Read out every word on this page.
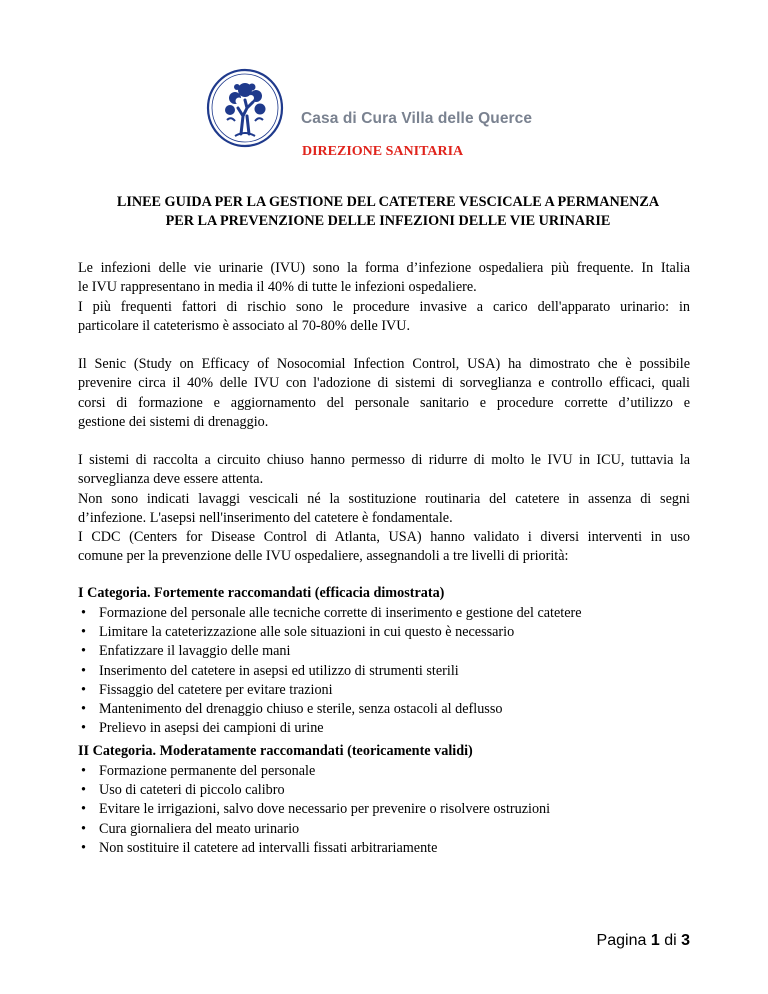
Casa di Cura Villa delle Querce
DIREZIONE SANITARIA
LINEE GUIDA PER LA GESTIONE DEL CATETERE VESCICALE A PERMANENZA
PER LA PREVENZIONE DELLE INFEZIONI DELLE VIE URINARIE
Le infezioni delle vie urinarie (IVU) sono la forma d’infezione ospedaliera più frequente. In Italia
le IVU rappresentano in media il 40% di tutte le infezioni ospedaliere.
I più frequenti fattori di rischio sono le procedure invasive a carico dell'apparato urinario: in
particolare il cateterismo è associato al 70-80% delle IVU.
Il Senic (Study on Efficacy of Nosocomial Infection Control, USA) ha dimostrato che è possibile
prevenire circa il 40% delle IVU con l'adozione di sistemi di sorveglianza e controllo efficaci, quali
corsi di formazione e aggiornamento del personale sanitario e procedure corrette d’utilizzo e
gestione dei sistemi di drenaggio.
I sistemi di raccolta a circuito chiuso hanno permesso di ridurre di molto le IVU in ICU, tuttavia la
sorveglianza deve essere attenta.
Non sono indicati lavaggi vescicali né la sostituzione routinaria del catetere in assenza di segni
d’infezione. L'asepsi nell'inserimento del catetere è fondamentale.
I CDC (Centers for Disease Control di Atlanta, USA) hanno validato i diversi interventi in uso
comune per la prevenzione delle IVU ospedaliere, assegnandoli a tre livelli di priorità:
I Categoria. Fortemente raccomandati (efficacia dimostrata)
• Formazione del personale alle tecniche corrette di inserimento e gestione del catetere
• Limitare la cateterizzazione alle sole situazioni in cui questo è necessario
• Enfatizzare il lavaggio delle mani
• Inserimento del catetere in asepsi ed utilizzo di strumenti sterili
• Fissaggio del catetere per evitare trazioni
• Mantenimento del drenaggio chiuso e sterile, senza ostacoli al deflusso
• Prelievo in asepsi dei campioni di urine
II Categoria. Moderatamente raccomandati (teoricamente validi)
• Formazione permanente del personale
• Uso di cateteri di piccolo calibro
• Evitare le irrigazioni, salvo dove necessario per prevenire o risolvere ostruzioni
• Cura giornaliera del meato urinario
• Non sostituire il catetere ad intervalli fissati arbitrariamente
Pagina 1 di 3
